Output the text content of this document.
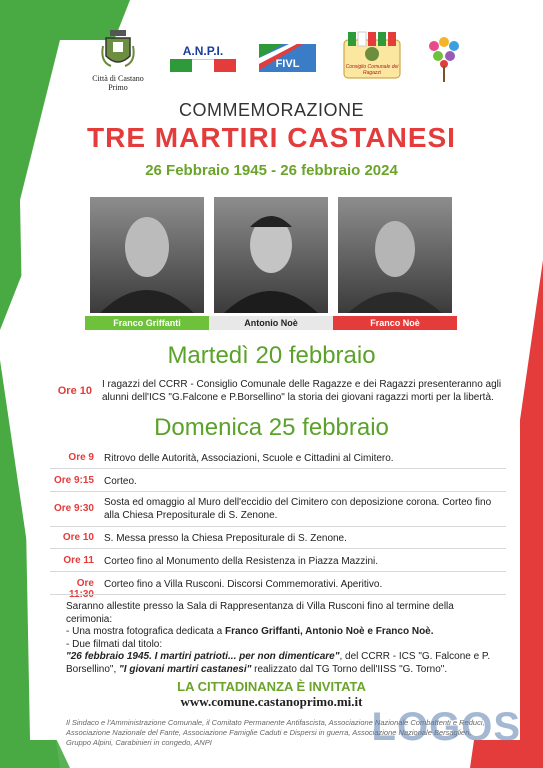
Città di Castano Primo
A.N.P.I.
FIVL	Consiglio Comunale dei Ragazzi
COMMEMORAZIONE
TRE MARTIRI CASTANESI
26 Febbraio 1945 - 26 febbraio 2024
Franco Griffanti	Antonio Noè	Franco Noè
Martedì 20 febbraio
Ore 10
I ragazzi del CCRR - Consiglio Comunale delle Ragazze e dei Ragazzi presenteranno agli alunni dell'ICS "G.Falcone e P.Borsellino" la storia dei giovani ragazzi morti per la libertà.
Domenica 25 febbraio
Ore 9 Ritrovo delle Autorità, Associazioni, Scuole e Cittadini al Cimitero.
Ore 9:15 Corteo.
Ore 9:30
Sosta ed omaggio al Muro dell'eccidio del Cimitero con deposizione corona. Corteo fino alla Chiesa Prepositurale di S. Zenone.
Ore 10 S. Messa presso la Chiesa Prepositurale di S. Zenone.
Ore 11 Corteo fino al Monumento della Resistenza in Piazza Mazzini.
Ore Corteo fino a Villa Rusconi. Discorsi Commemorativi. Aperitivo.
Saranno allestite presso la Sala di Rappresentanza di Villa Rusconi fino al termine della cerimonia:
- Una mostra fotografica dedicata a Franco Griffanti, Antonio Noè e Franco Noè.
- Due filmati dal titolo:
"26 febbraio 1945. I martiri patrioti... per non dimenticare", del CCRR - ICS "G. Falcone e P. Borsellino", "I giovani martiri castanesi" realizzato dal TG Torno dell'IISS "G. Torno".
LA CITTADINANZA È INVITATA
www.comune.castanoprimo.mi.it
Il Sindaco e l'Amministrazione Comunale, il Comitato Permanente Antifascista, Associazione Nazionale Combattenti e Reduci, Associazione Nazionale del Fante, Associazione Famiglie Caduti e Dispersi in guerra, Associazione Nazionale Bersaglieri, Gruppo Alpini, Carabinieri in congedo, ANPI	LOGOS
